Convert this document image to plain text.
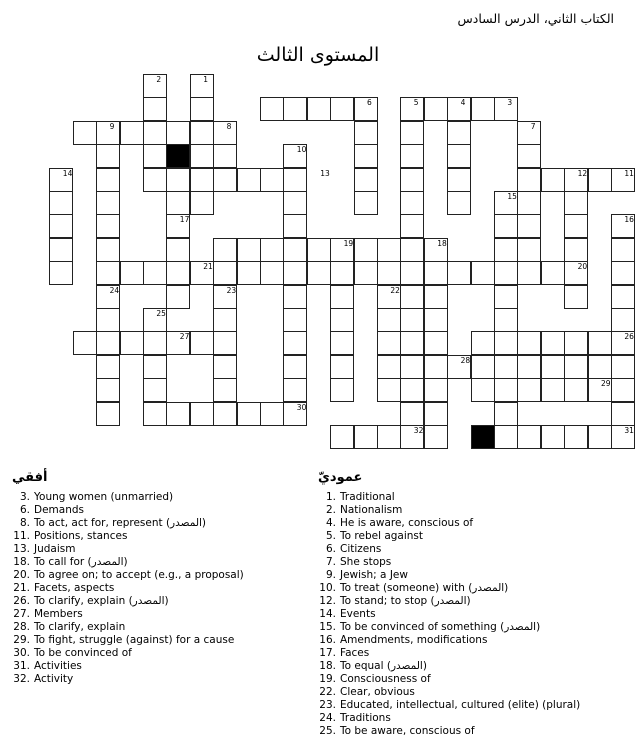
الكتاب الثاني، الدرس السادس
المستوى الثالث
2	1
6	5	4	3
9	8	7
10
14	13	12	11
15
17	16
19	18
21	20
24	23	22
25
27	26
28
29
30
32	31
أفقي
3. Young women (unmarried)
6. Demands
8. (المصدر) To act, act for, represent
11. Positions, stances
13. Judaism
18. (المصدر) To call for
20. To agree on; to accept (e.g., a proposal)
21. Facets, aspects
26. (المصدر) To clarify, explain
27. Members
28. To clarify, explain
29. To fight, struggle (against) for a cause
30. To be convinced of
31. Activities
32. Activity
عموديّ
1. Traditional
2. Nationalism
4. He is aware, conscious of
5. To rebel against
6. Citizens
7. She stops
9. Jewish; a Jew
10. (المصدر) To treat (someone) with
12. (المصدر) To stand; to stop
14. Events
15. (المصدر) To be convinced of something
16. Amendments, modifications
17. Faces
18. (المصدر) To equal
19. Consciousness of
22. Clear, obvious
23. Educated, intellectual, cultured (elite) (plural)
24. Traditions
25. To be aware, conscious of
